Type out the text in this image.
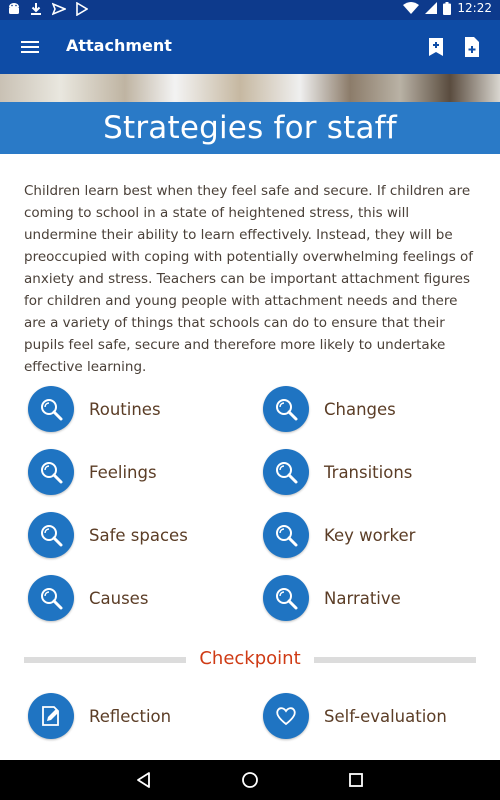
12:22
Attachment
Strategies for staff

Children learn best when they feel safe and secure. If children are coming to school in a state of heightened stress, this will undermine their ability to learn effectively. Instead, they will be preoccupied with coping with potentially overwhelming feelings of anxiety and stress. Teachers can be important attachment figures for children and young people with attachment needs and there are a variety of things that schools can do to ensure that their pupils feel safe, secure and therefore more likely to undertake effective learning.

Routines	Changes
Feelings	Transitions
Safe spaces	Key worker
Causes	Narrative
Checkpoint
Reflection	Self-evaluation
